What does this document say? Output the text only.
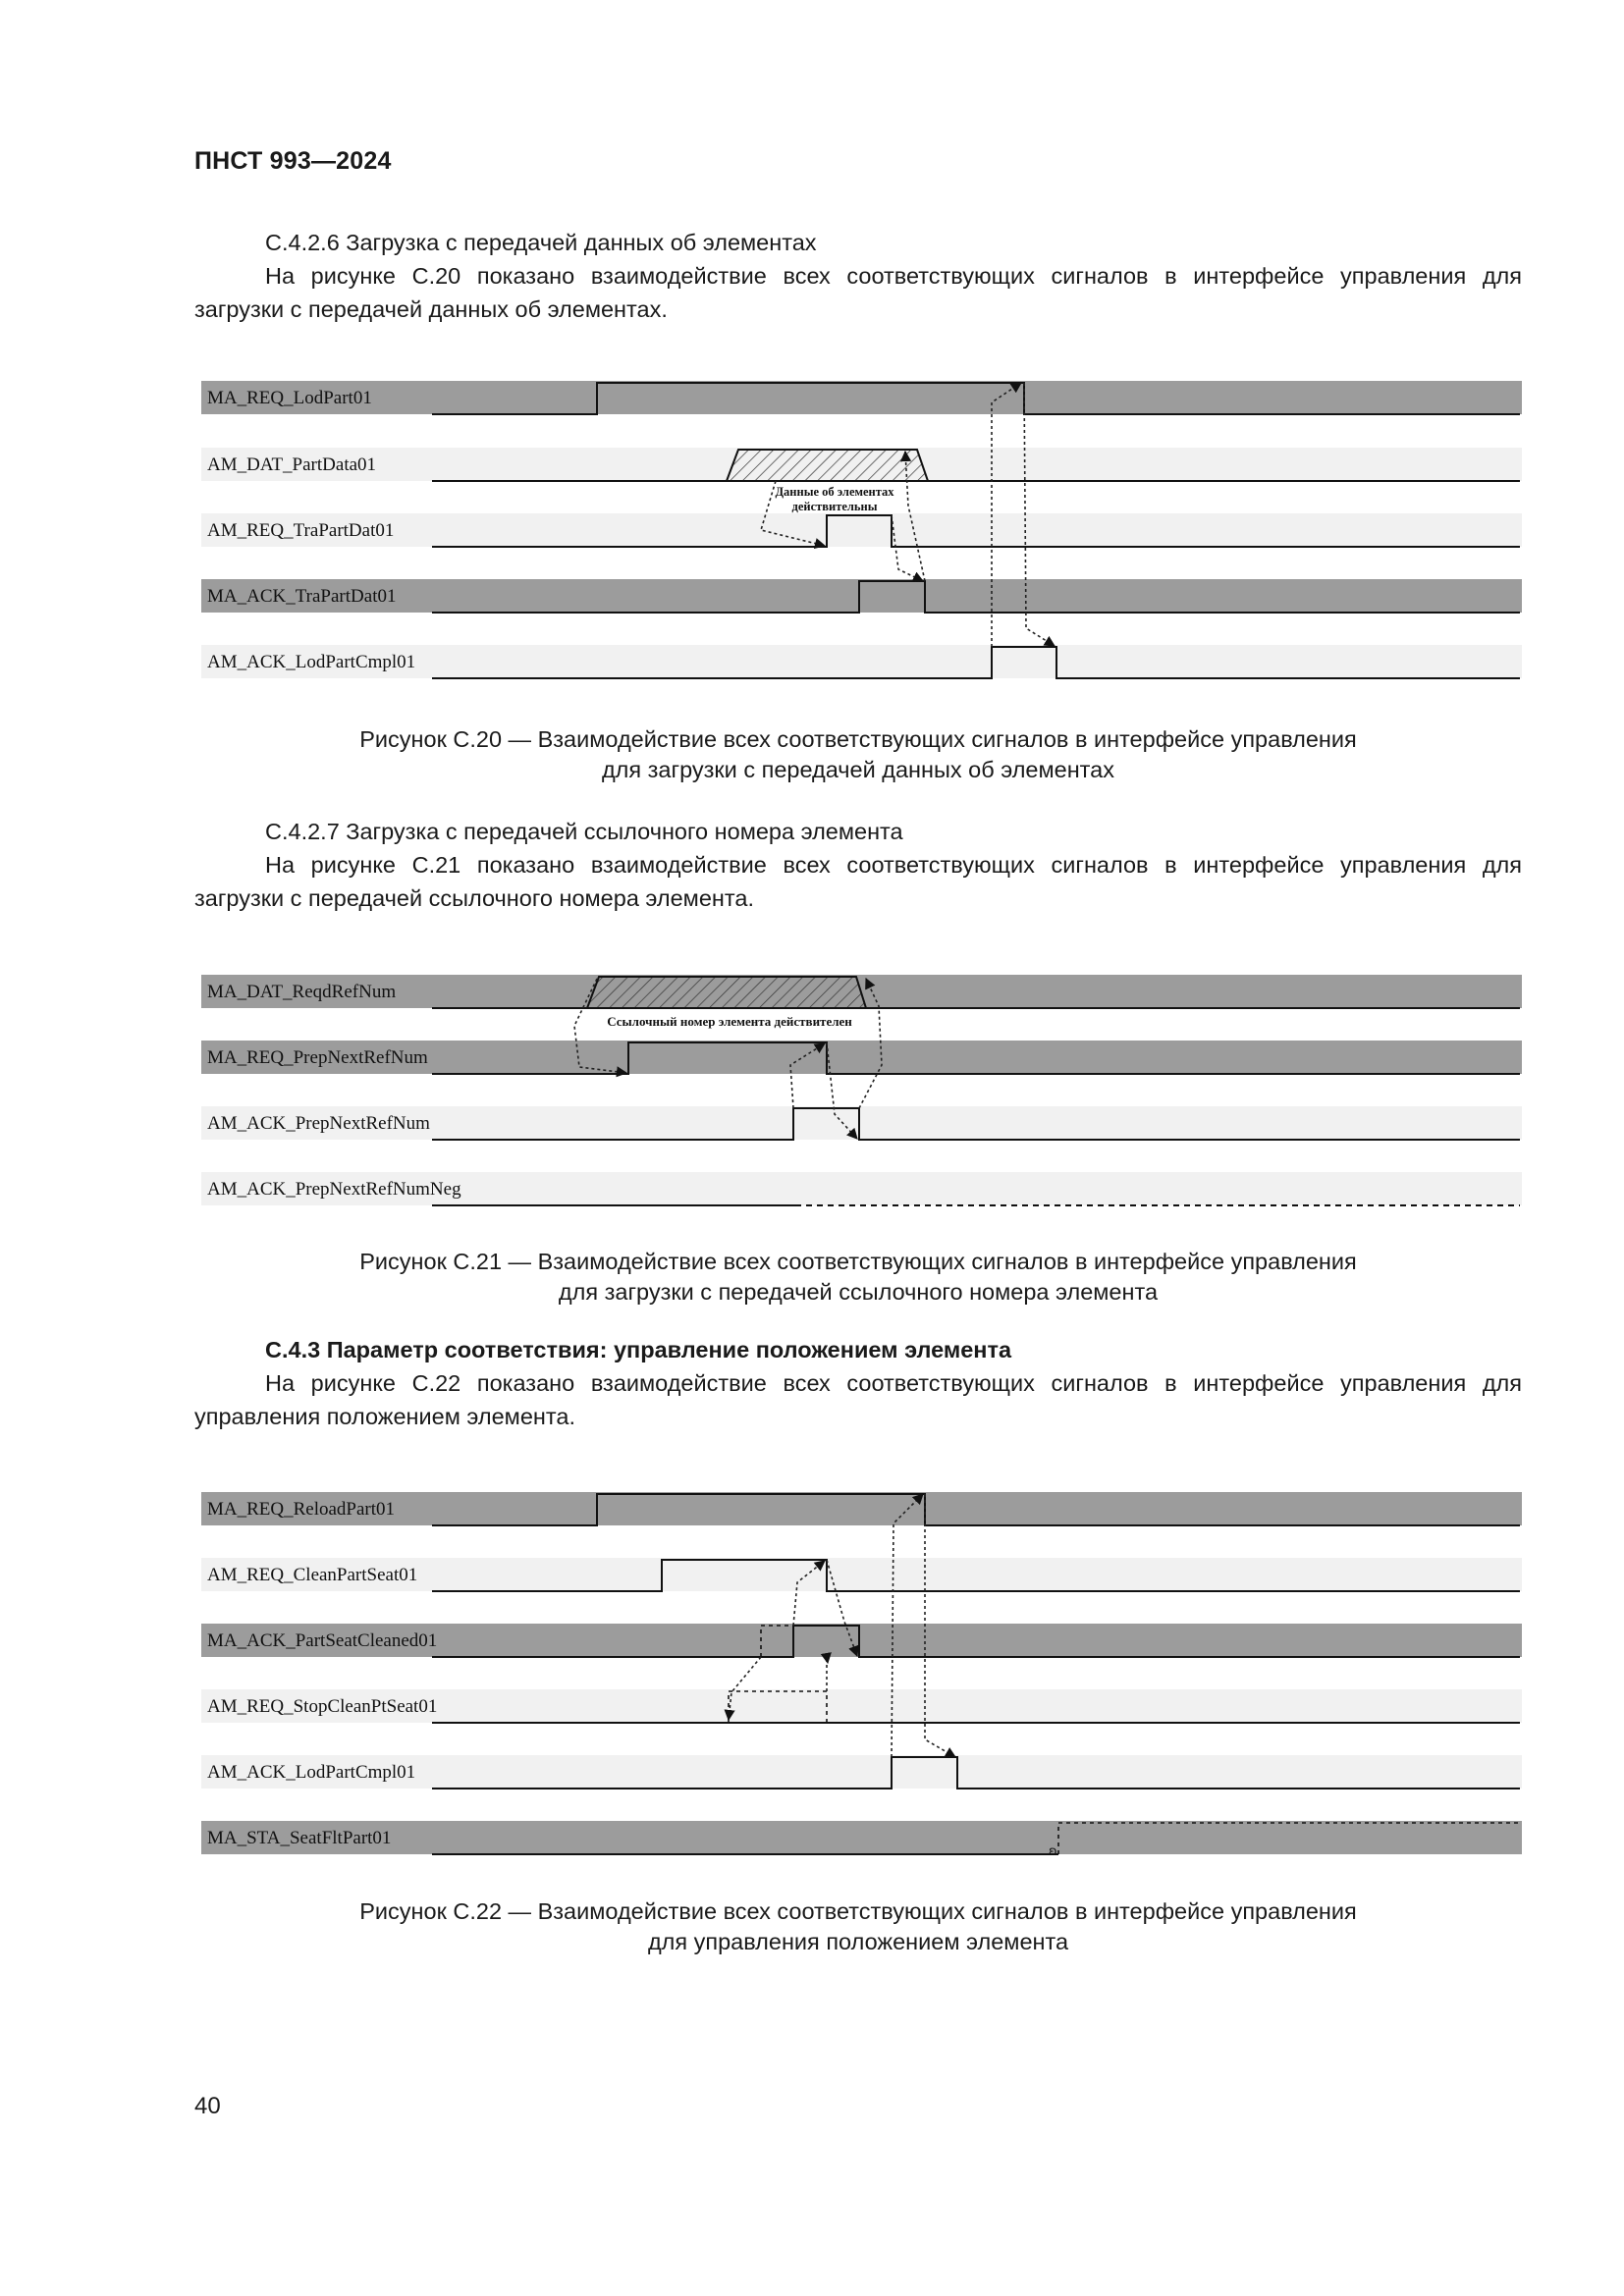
ПНСТ 993—2024
С.4.2.6 Загрузка с передачей данных об элементах
На рисунке С.20 показано взаимодействие всех соответствующих сигналов в интерфейсе управления для
загрузки с передачей данных об элементах.
MA_REQ_LodPart01
AM_DAT_PartData01
AM_REQ_TraPartDat01
MA_ACK_TraPartDat01
AM_ACK_LodPartCmpl01
Данные об элементах
действительны
Рисунок С.20 — Взаимодействие всех соответствующих сигналов в интерфейсе управления
для загрузки с передачей данных об элементах
С.4.2.7 Загрузка с передачей ссылочного номера элемента
На рисунке С.21 показано взаимодействие всех соответствующих сигналов в интерфейсе управления для
загрузки с передачей ссылочного номера элемента.
MA_DAT_ReqdRefNum
MA_REQ_PrepNextRefNum
AM_ACK_PrepNextRefNum
AM_ACK_PrepNextRefNumNeg
Ссылочный номер элемента действителен
Рисунок С.21 — Взаимодействие всех соответствующих сигналов в интерфейсе управления
для загрузки с передачей ссылочного номера элемента
С.4.3 Параметр соответствия: управление положением элемента
На рисунке С.22 показано взаимодействие всех соответствующих сигналов в интерфейсе управления для
управления положением элемента.
MA_REQ_ReloadPart01
AM_REQ_CleanPartSeat01
MA_ACK_PartSeatCleaned01
AM_REQ_StopCleanPtSeat01
AM_ACK_LodPartCmpl01
MA_STA_SeatFltPart01
ʚ
Рисунок С.22 — Взаимодействие всех соответствующих сигналов в интерфейсе управления
для управления положением элемента
40
